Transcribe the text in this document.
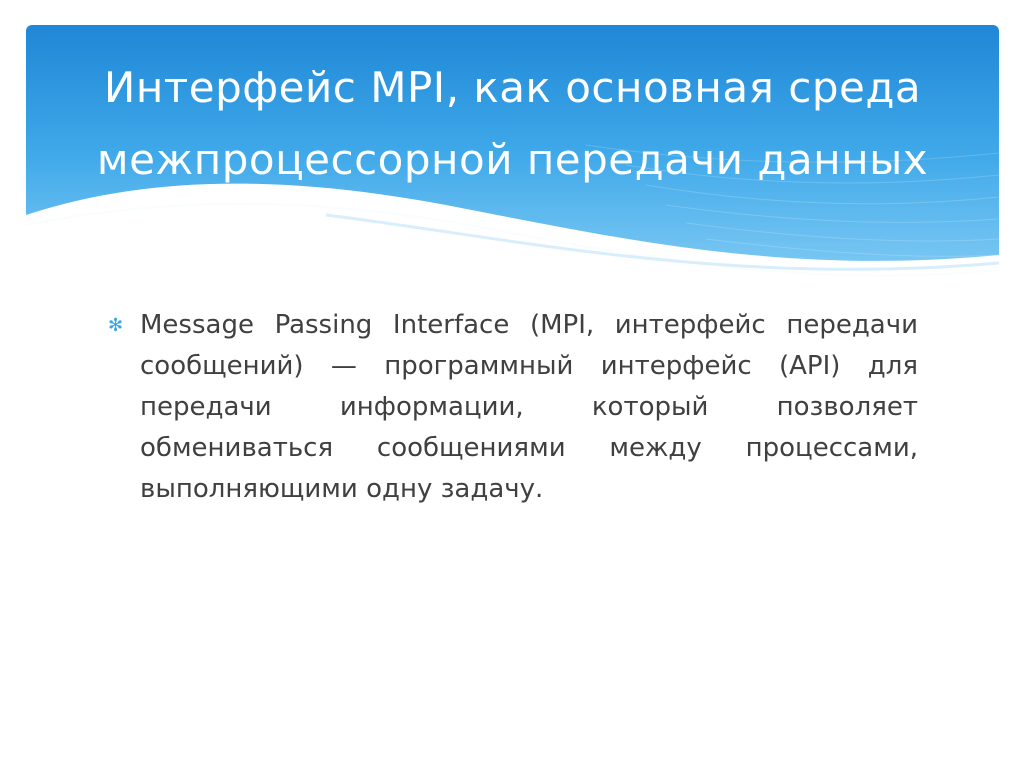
Интерфейс MPI, как основная среда межпроцессорной передачи данных
✻ Message Passing Interface (MPI, интерфейс передачи сообщений) — программный интерфейс (API) для передачи информации, который позволяет обмениваться сообщениями между процессами, выполняющими одну задачу.
